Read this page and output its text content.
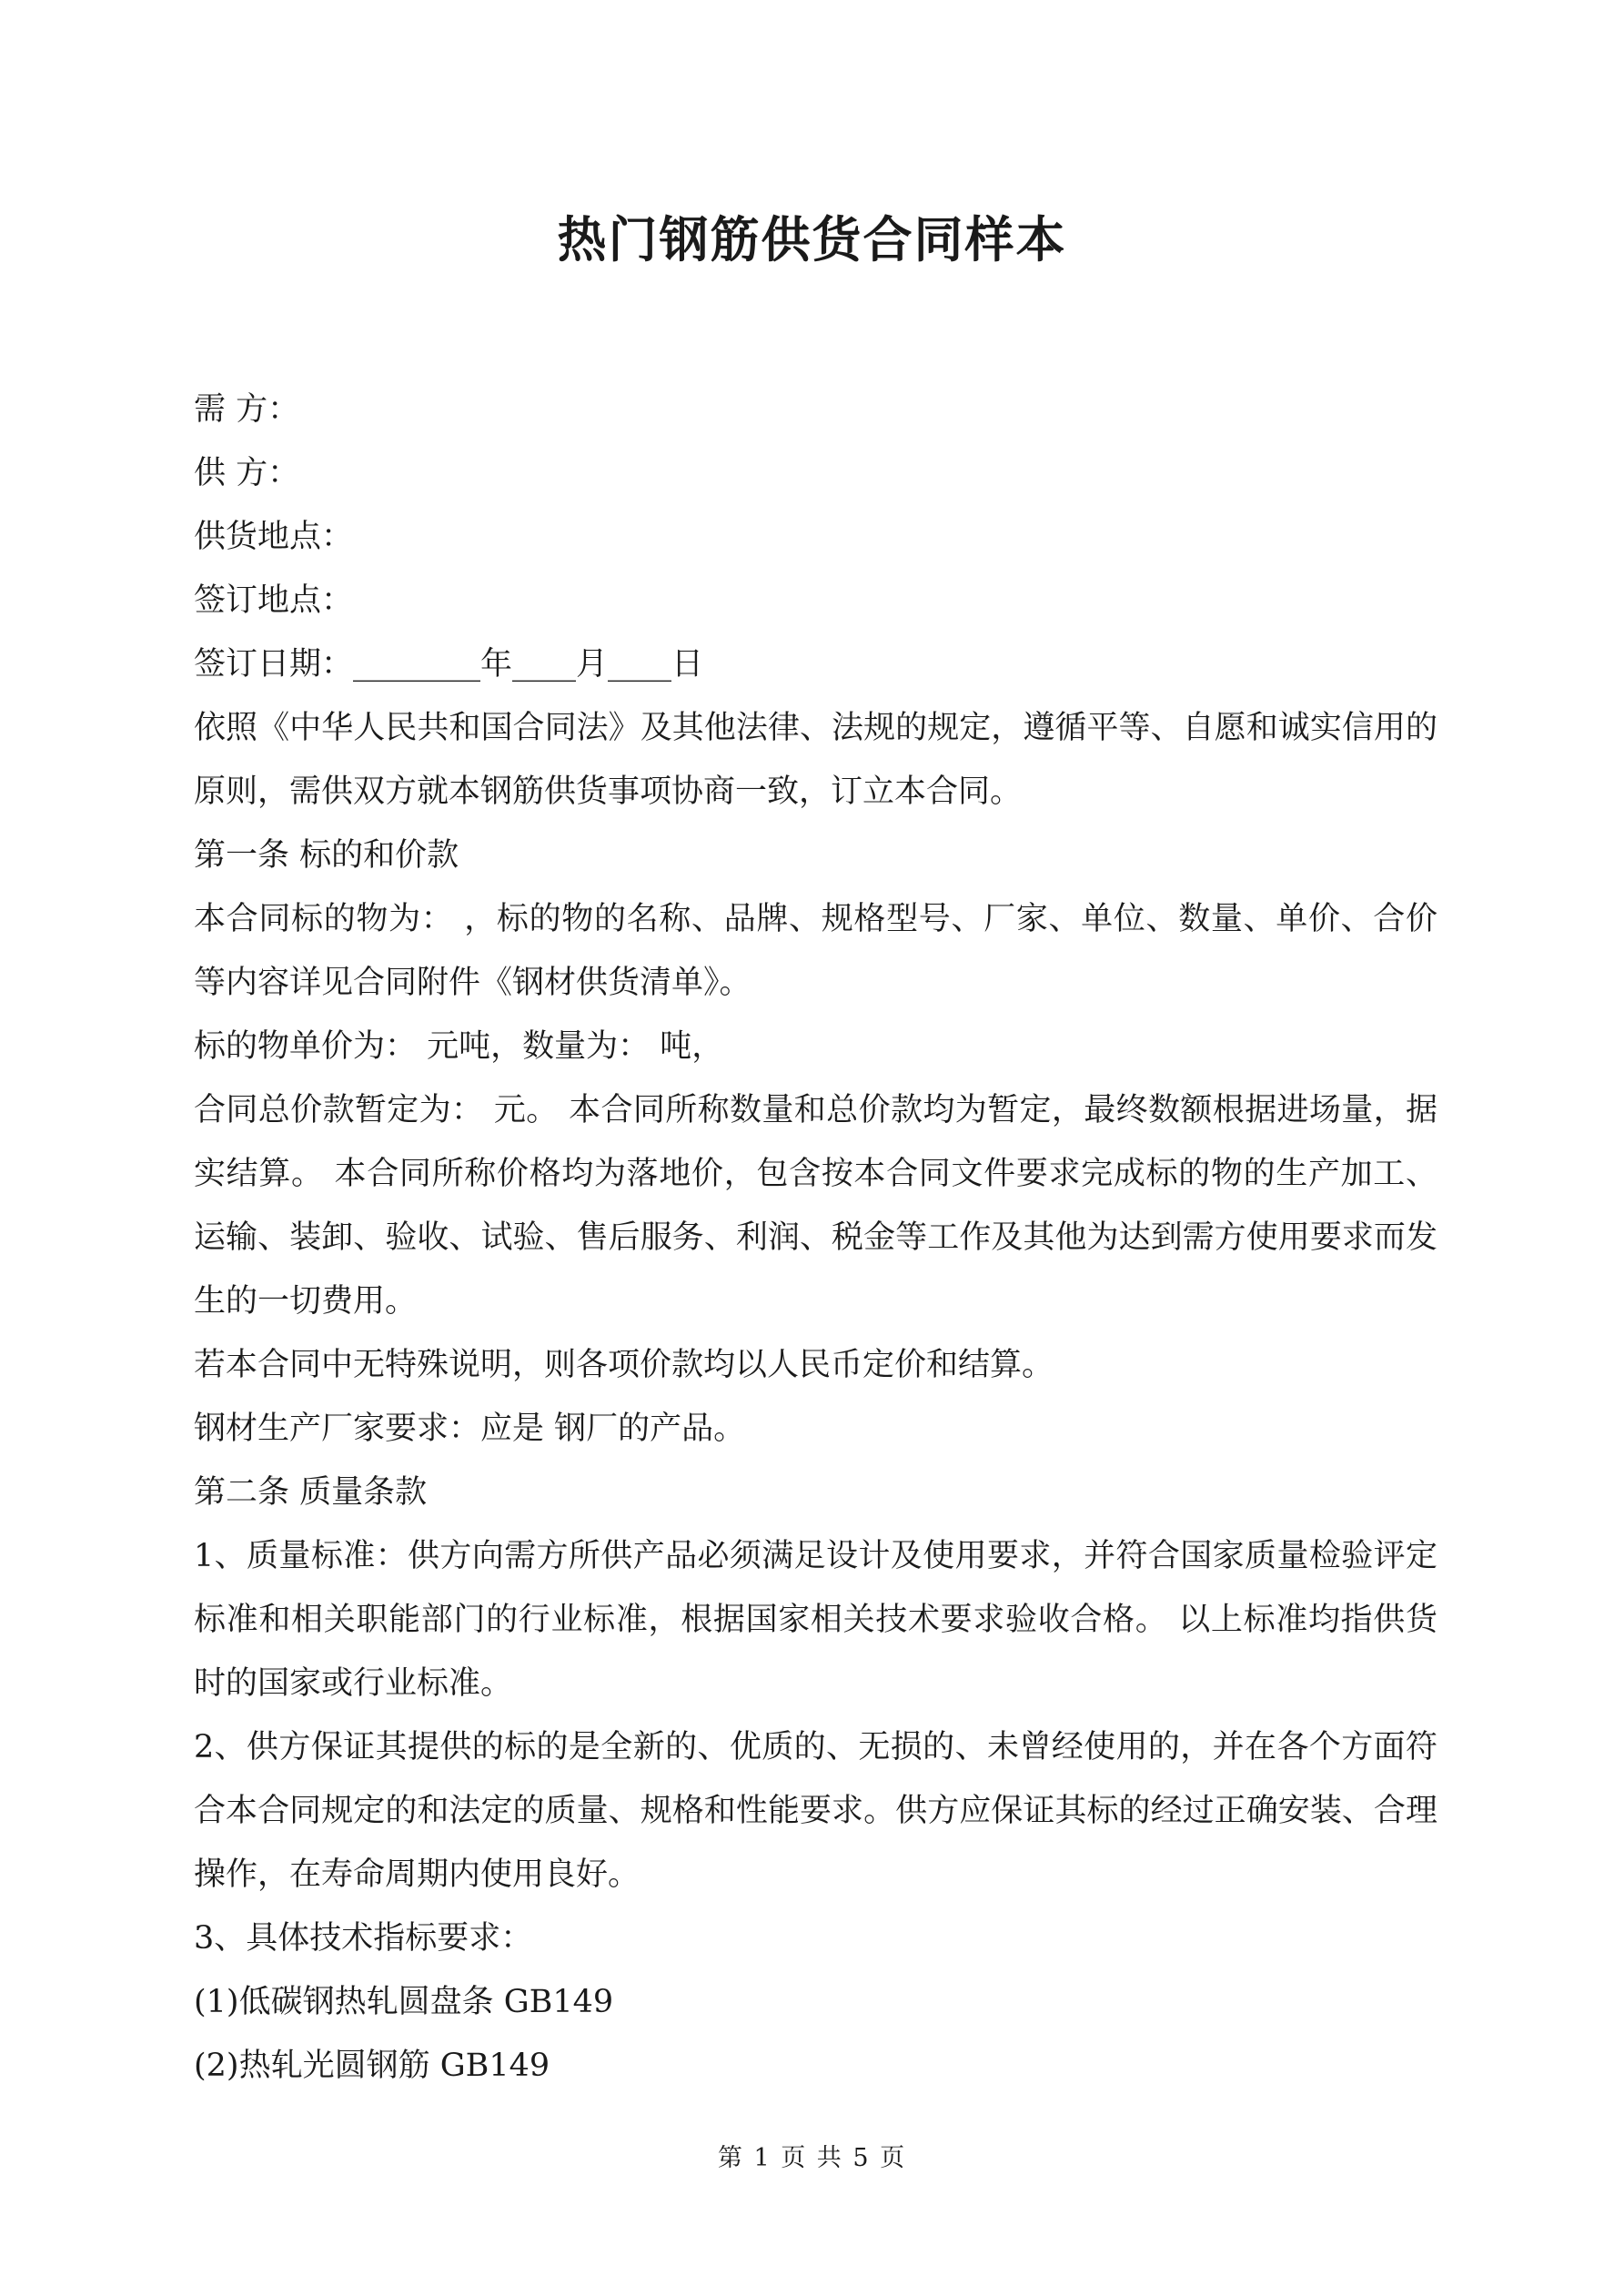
热门钢筋供货合同样本

需 方：

供 方：

供货地点：

签订地点：

签订日期：________年____月____日

依照《中华人民共和国合同法》及其他法律、法规的规定，遵循平等、自愿和诚实信用的原则，需供双方就本钢筋供货事项协商一致，订立本合同。

第一条 标的和价款

本合同标的物为： ，标的物的名称、品牌、规格型号、厂家、单位、数量、单价、合价等内容详见合同附件《钢材供货清单》。

标的物单价为： 元吨，数量为： 吨，

合同总价款暂定为： 元。 本合同所称数量和总价款均为暂定，最终数额根据进场量，据实结算。 本合同所称价格均为落地价，包含按本合同文件要求完成标的物的生产加工、运输、装卸、验收、试验、售后服务、利润、税金等工作及其他为达到需方使用要求而发生的一切费用。

若本合同中无特殊说明，则各项价款均以人民币定价和结算。

钢材生产厂家要求：应是 钢厂的产品。

第二条 质量条款

1、质量标准：供方向需方所供产品必须满足设计及使用要求，并符合国家质量检验评定标准和相关职能部门的行业标准，根据国家相关技术要求验收合格。 以上标准均指供货时的国家或行业标准。

2、供方保证其提供的标的是全新的、优质的、无损的、未曾经使用的，并在各个方面符合本合同规定的和法定的质量、规格和性能要求。供方应保证其标的经过正确安装、合理操作，在寿命周期内使用良好。

3、具体技术指标要求：

(1)低碳钢热轧圆盘条 GB149

(2)热轧光圆钢筋 GB149

第 1 页 共 5 页
